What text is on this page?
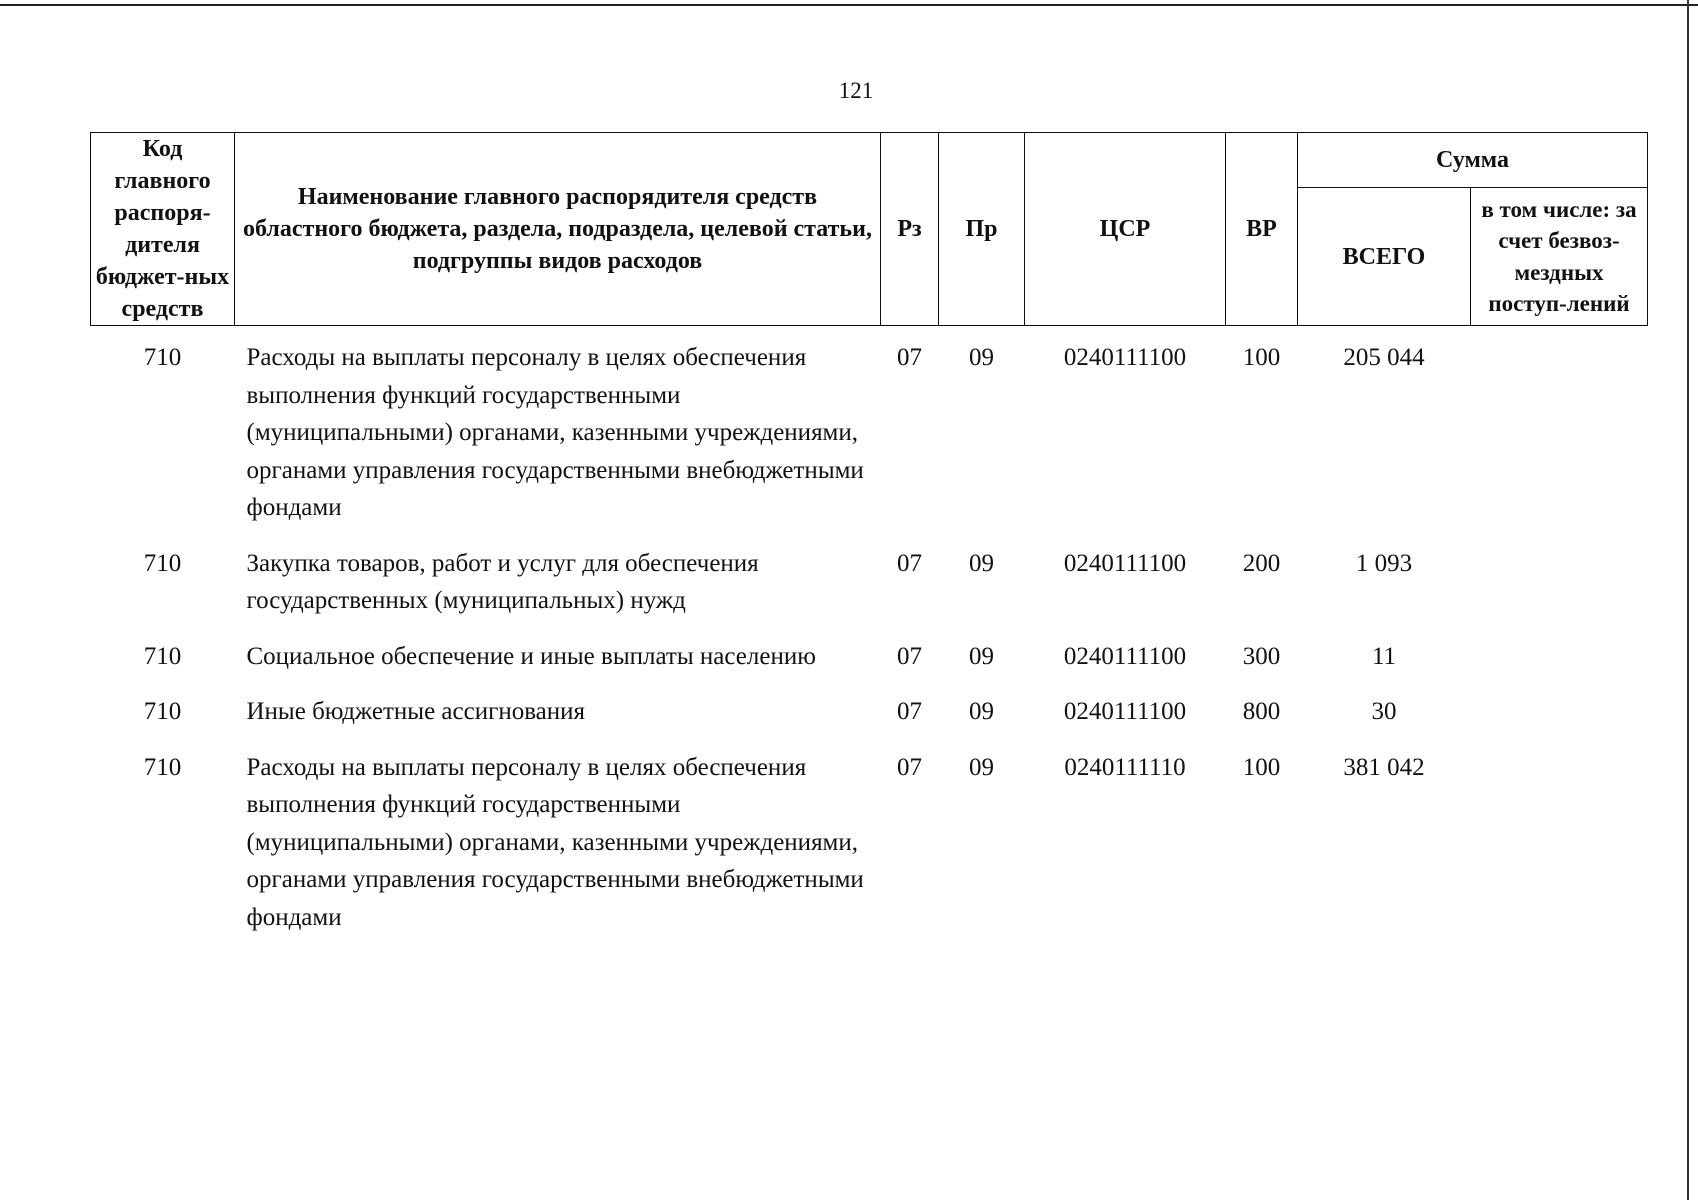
121
Код главного распоря-дителя бюджет-ных средств	Наименование главного распорядителя средств областного бюджета, раздела, подраздела, целевой статьи, подгруппы видов расходов	Рз	Пр	ЦСР	ВР	Сумма	
						ВСЕГО	в том числе: за счет безвоз-мездных поступ-лений
710	Расходы на выплаты персоналу в целях обеспечения выполнения функций государственными (муниципальными) органами, казенными учреждениями, органами управления государственными внебюджетными фондами	07	09	0240111100	100	205 044	
710	Закупка товаров, работ и услуг для обеспечения государственных (муниципальных) нужд	07	09	0240111100	200	1 093	
710	Социальное обеспечение и иные выплаты населению	07	09	0240111100	300	11	
710	Иные бюджетные ассигнования	07	09	0240111100	800	30	
710	Расходы на выплаты персоналу в целях обеспечения выполнения функций государственными (муниципальными) органами, казенными учреждениями, органами управления государственными внебюджетными фондами	07	09	0240111110	100	381 042	
